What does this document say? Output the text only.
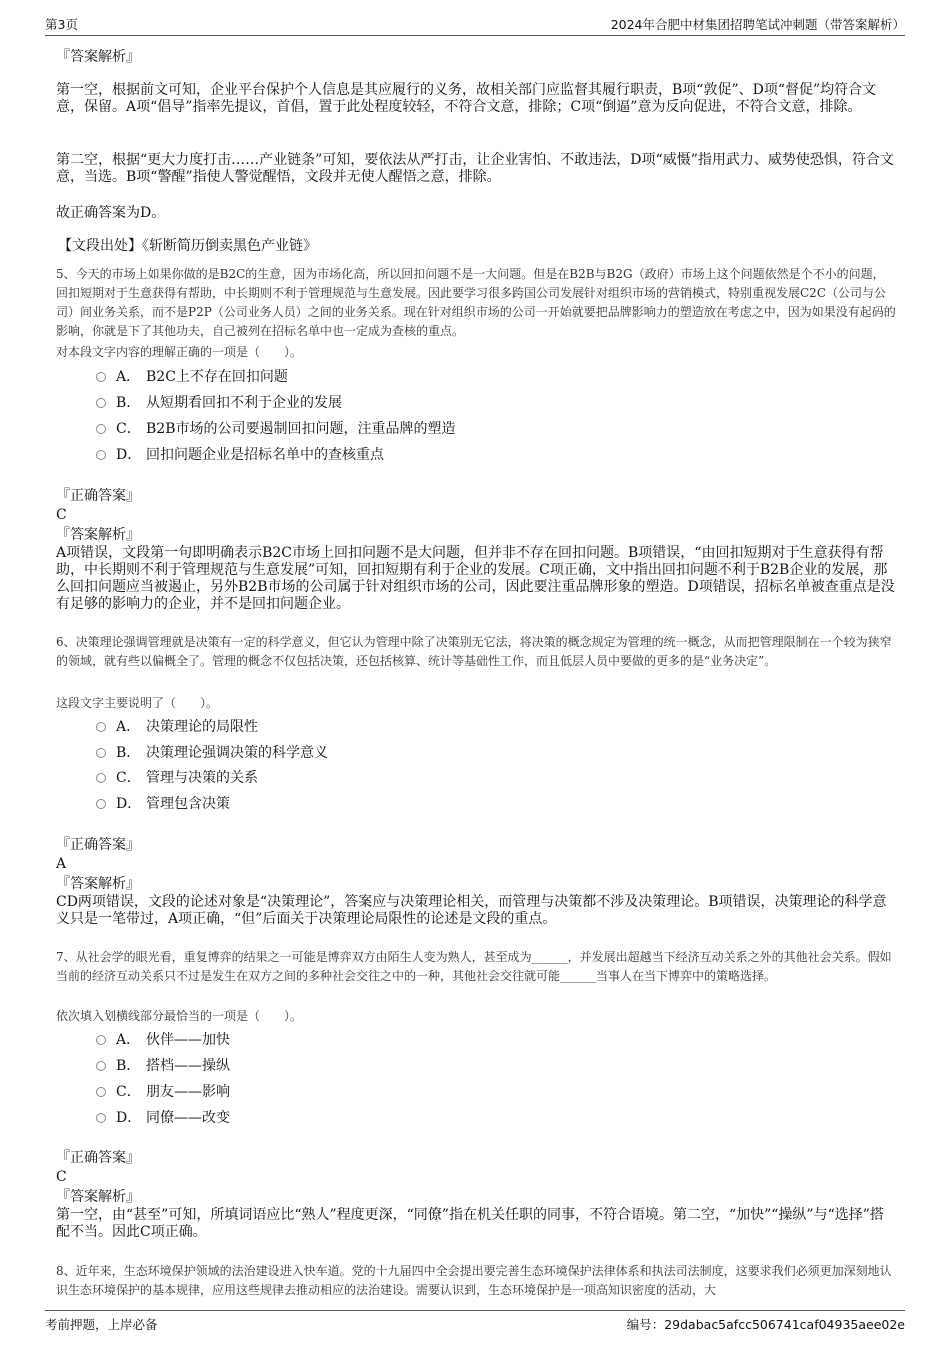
第3页	2024年合肥中材集团招聘笔试冲刺题（带答案解析）
『答案解析』
第一空，根据前文可知，企业平台保护个人信息是其应履行的义务，故相关部门应监督其履行职责，B项“敦促”、D项“督促”均符合文意，保留。A项“倡导”指率先提议，首倡，置于此处程度较轻，不符合文意，排除；C项“倒逼”意为反向促进，不符合文意，排除。
第二空，根据“更大力度打击……产业链条”可知，要依法从严打击，让企业害怕、不敢违法，D项“威慑”指用武力、威势使恐惧，符合文意，当选。B项“警醒”指使人警觉醒悟，文段并无使人醒悟之意，排除。
故正确答案为D。
【文段出处】《斩断简历倒卖黑色产业链》
5、今天的市场上如果你做的是B2C的生意，因为市场化高，所以回扣问题不是一大问题。但是在B2B与B2G（政府）市场上这个问题依然是个不小的问题，回扣短期对于生意获得有帮助，中长期则不利于管理规范与生意发展。因此要学习很多跨国公司发展针对组织市场的营销模式，特别重视发展C2C（公司与公司）间业务关系，而不是P2P（公司业务人员）之间的业务关系。现在针对组织市场的公司一开始就要把品牌影响力的塑造放在考虑之中，因为如果没有起码的影响，你就是下了其他功夫，自己被列在招标名单中也一定成为查核的重点。
对本段文字内容的理解正确的一项是（　　）。
A． B2C上不存在回扣问题
B． 从短期看回扣不利于企业的发展
C． B2B市场的公司要遏制回扣问题，注重品牌的塑造
D． 回扣问题企业是招标名单中的查核重点
『正确答案』
C
『答案解析』
A项错误，文段第一句即明确表示B2C市场上回扣问题不是大问题，但并非不存在回扣问题。B项错误，“由回扣短期对于生意获得有帮助，中长期则不利于管理规范与生意发展”可知，回扣短期有利于企业的发展。C项正确，文中指出回扣问题不利于B2B企业的发展，那么回扣问题应当被遏止，另外B2B市场的公司属于针对组织市场的公司，因此要注重品牌形象的塑造。D项错误，招标名单被查重点是没有足够的影响力的企业，并不是回扣问题企业。
6、决策理论强调管理就是决策有一定的科学意义，但它认为管理中除了决策别无它法，将决策的概念规定为管理的统一概念，从而把管理限制在一个较为狭窄的领域，就有些以偏概全了。管理的概念不仅包括决策，还包括核算、统计等基础性工作，而且低层人员中要做的更多的是“业务决定”。
这段文字主要说明了（　　）。
A． 决策理论的局限性
B． 决策理论强调决策的科学意义
C． 管理与决策的关系
D． 管理包含决策
『正确答案』
A
『答案解析』
CD两项错误，文段的论述对象是“决策理论”，答案应与决策理论相关，而管理与决策都不涉及决策理论。B项错误，决策理论的科学意义只是一笔带过，A项正确，“但”后面关于决策理论局限性的论述是文段的重点。
7、从社会学的眼光看，重复博弈的结果之一可能是博弈双方由陌生人变为熟人，甚至成为______，并发展出超越当下经济互动关系之外的其他社会关系。假如当前的经济互动关系只不过是发生在双方之间的多种社会交往之中的一种，其他社会交往就可能______当事人在当下博弈中的策略选择。
依次填入划横线部分最恰当的一项是（　　）。
A． 伙伴——加快
B． 搭档——操纵
C． 朋友——影响
D． 同僚——改变
『正确答案』
C
『答案解析』
第一空，由“甚至”可知，所填词语应比“熟人”程度更深，“同僚”指在机关任职的同事，不符合语境。第二空，“加快”“操纵”与“选择”搭配不当。因此C项正确。
8、近年来，生态环境保护领域的法治建设进入快车道。党的十九届四中全会提出要完善生态环境保护法律体系和执法司法制度，这要求我们必须更加深刻地认识生态环境保护的基本规律，应用这些规律去推动相应的法治建设。需要认识到，生态环境保护是一项高知识密度的活动，大
考前押题，上岸必备	编号：29dabac5afcc506741caf04935aee02e
